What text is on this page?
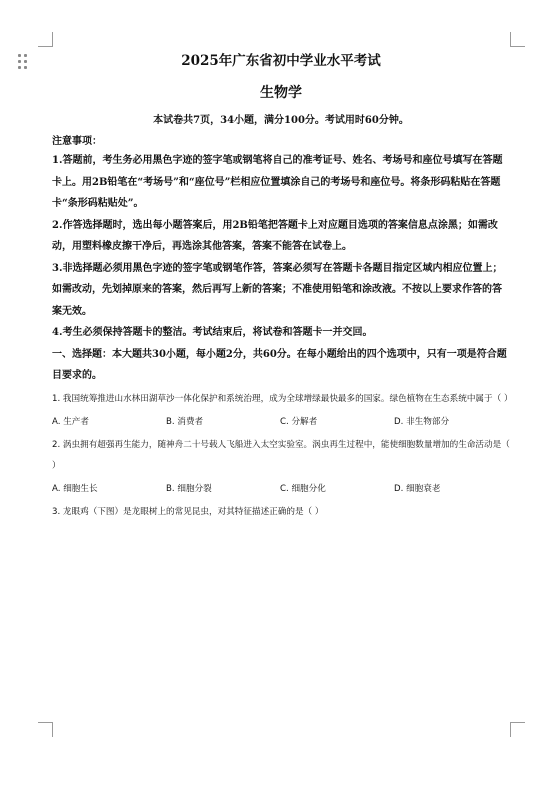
2025年广东省初中学业水平考试
生物学
本试卷共7页，34小题，满分100分。考试用时60分钟。
注意事项：
1.答题前，考生务必用黑色字迹的签字笔或钢笔将自己的准考证号、姓名、考场号和座位号填写在答题卡上。用2B铅笔在“考场号”和“座位号”栏相应位置填涂自己的考场号和座位号。将条形码粘贴在答题卡“条形码粘贴处”。
2.作答选择题时，选出每小题答案后，用2B铅笔把答题卡上对应题目选项的答案信息点涂黑；如需改动，用塑料橡皮擦干净后，再选涂其他答案，答案不能答在试卷上。
3.非选择题必须用黑色字迹的签字笔或钢笔作答，答案必须写在答题卡各题目指定区域内相应位置上；如需改动，先划掉原来的答案，然后再写上新的答案；不准使用铅笔和涂改液。不按以上要求作答的答案无效。
4.考生必须保持答题卡的整洁。考试结束后，将试卷和答题卡一并交回。
一、选择题：本大题共30小题，每小题2分，共60分。在每小题给出的四个选项中，只有一项是符合题目要求的。
1. 我国统筹推进山水林田湖草沙一体化保护和系统治理，成为全球增绿最快最多的国家。绿色植物在生态系统中属于（ ）
A. 生产者	B. 消费者	C. 分解者	D. 非生物部分
2. 涡虫拥有超强再生能力，随神舟二十号载人飞船进入太空实验室。涡虫再生过程中，能使细胞数量增加的生命活动是（ ）
A. 细胞生长	B. 细胞分裂	C. 细胞分化	D. 细胞衰老
3. 龙眼鸡（下图）是龙眼树上的常见昆虫，对其特征描述正确的是（ ）
